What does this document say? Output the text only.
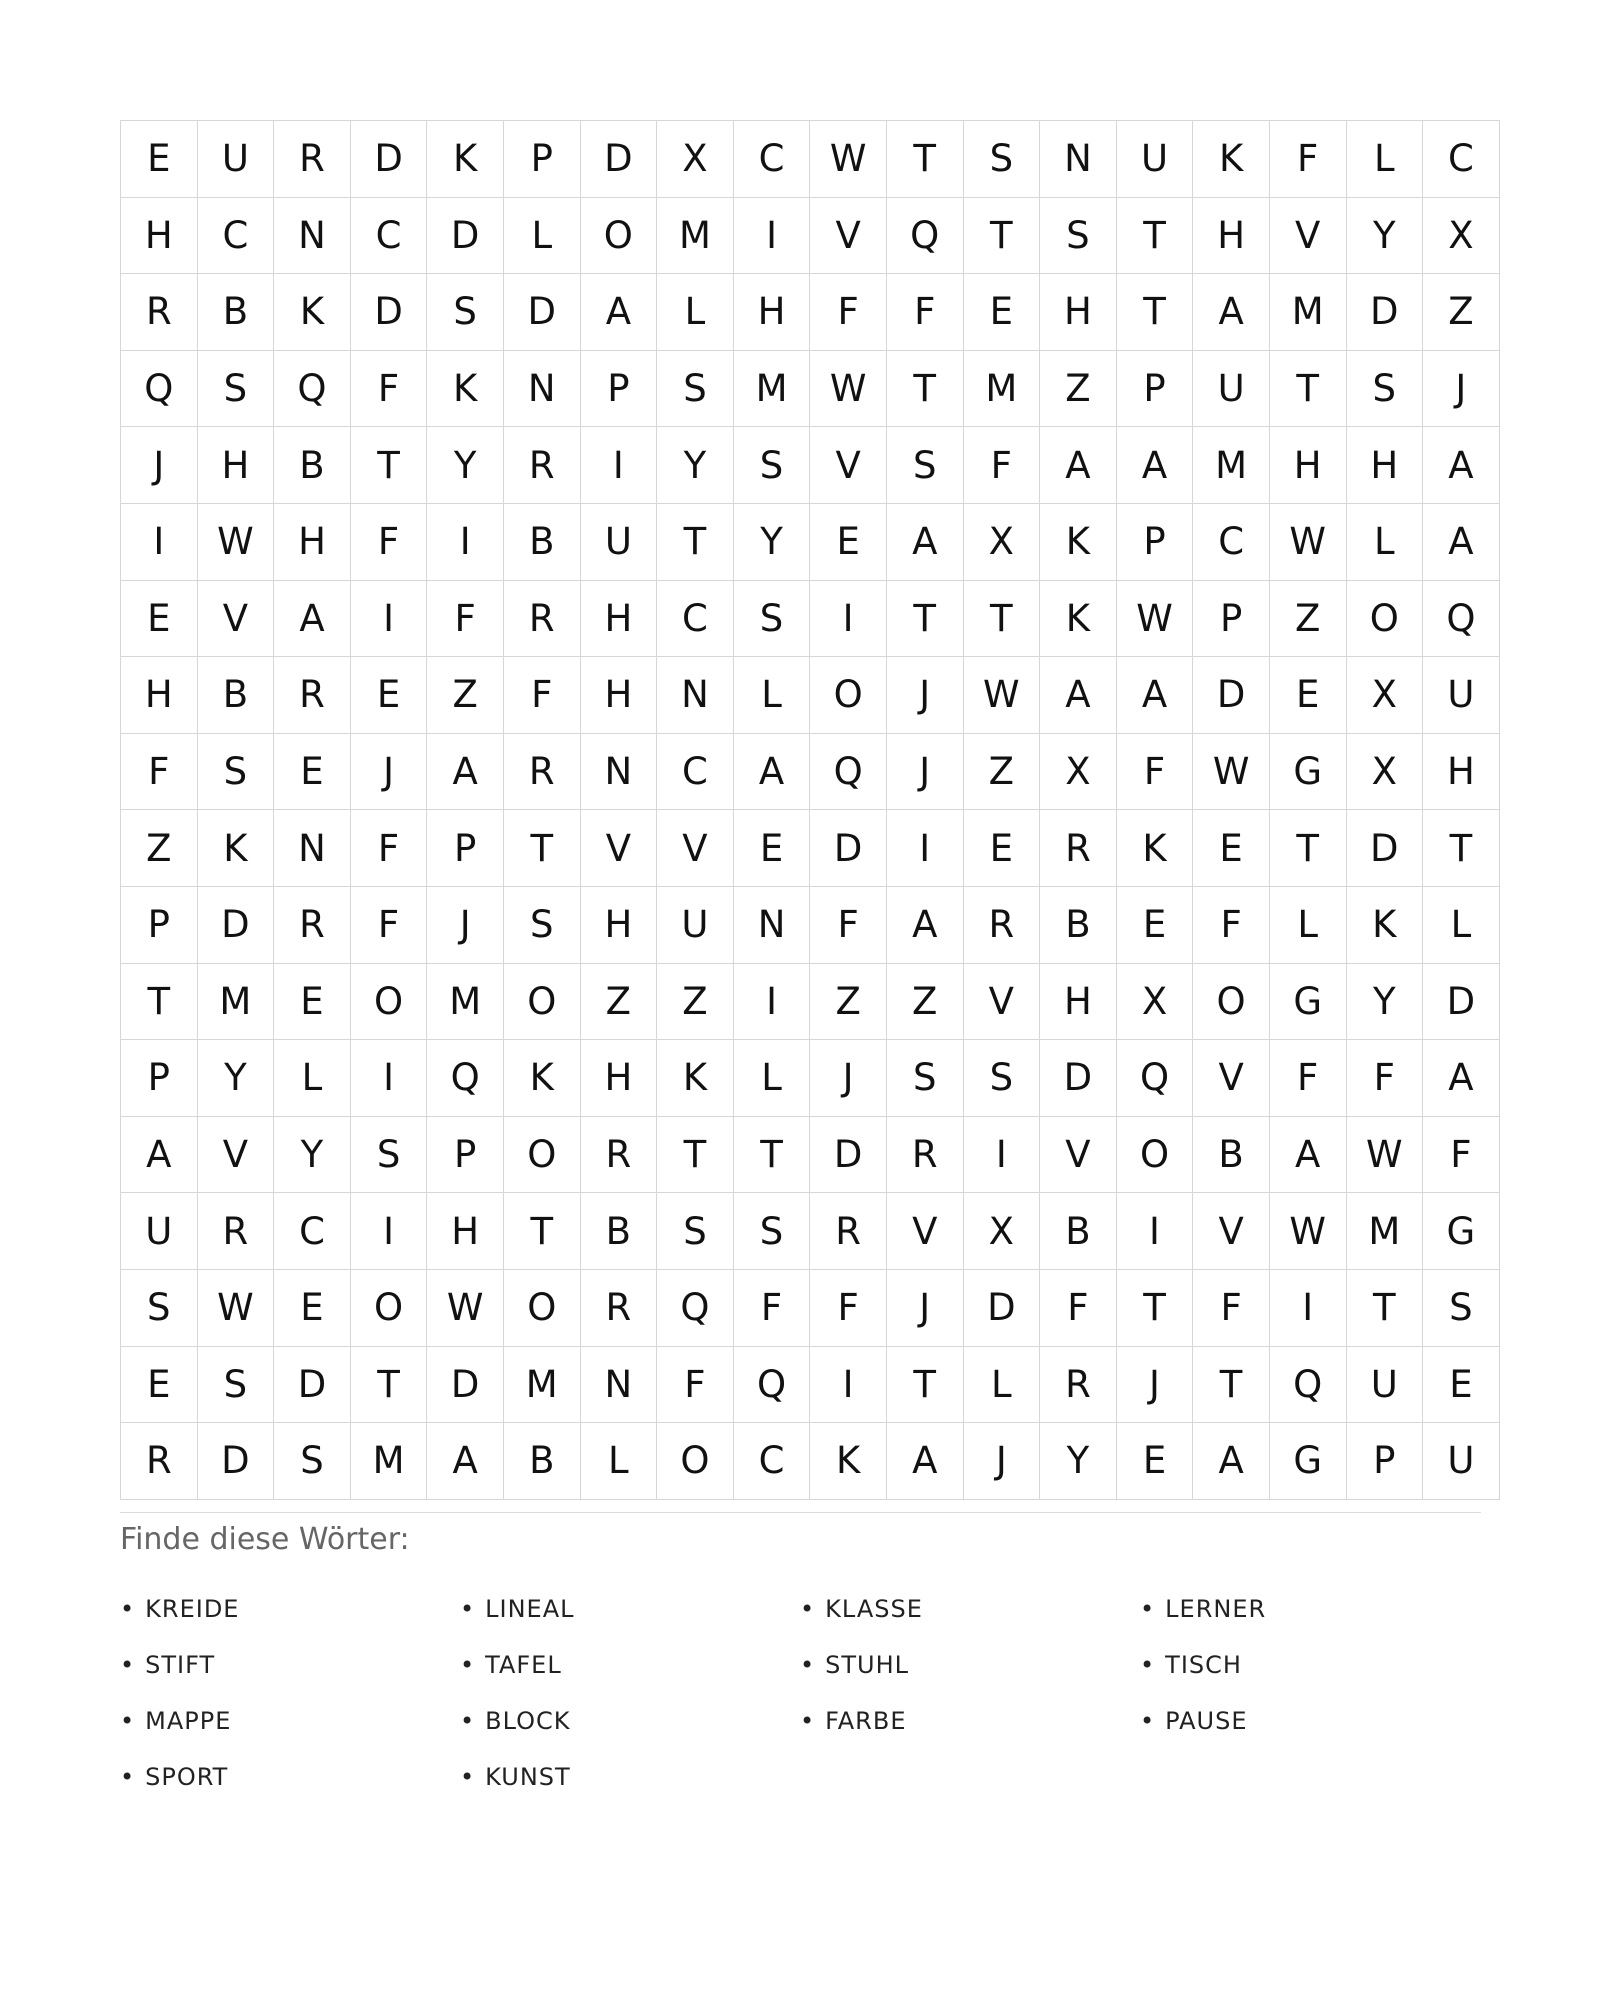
E	U	R	D	K	P	D	X	C	W	T	S	N	U	K	F	L	C
H	C	N	C	D	L	O	M	I	V	Q	T	S	T	H	V	Y	X
R	B	K	D	S	D	A	L	H	F	F	E	H	T	A	M	D	Z
Q	S	Q	F	K	N	P	S	M	W	T	M	Z	P	U	T	S	J
J	H	B	T	Y	R	I	Y	S	V	S	F	A	A	M	H	H	A
I	W	H	F	I	B	U	T	Y	E	A	X	K	P	C	W	L	A
E	V	A	I	F	R	H	C	S	I	T	T	K	W	P	Z	O	Q
H	B	R	E	Z	F	H	N	L	O	J	W	A	A	D	E	X	U
F	S	E	J	A	R	N	C	A	Q	J	Z	X	F	W	G	X	H
Z	K	N	F	P	T	V	V	E	D	I	E	R	K	E	T	D	T
P	D	R	F	J	S	H	U	N	F	A	R	B	E	F	L	K	L
T	M	E	O	M	O	Z	Z	I	Z	Z	V	H	X	O	G	Y	D
P	Y	L	I	Q	K	H	K	L	J	S	S	D	Q	V	F	F	A
A	V	Y	S	P	O	R	T	T	D	R	I	V	O	B	A	W	F
U	R	C	I	H	T	B	S	S	R	V	X	B	I	V	W	M	G
S	W	E	O	W	O	R	Q	F	F	J	D	F	T	F	I	T	S
E	S	D	T	D	M	N	F	Q	I	T	L	R	J	T	Q	U	E
R	D	S	M	A	B	L	O	C	K	A	J	Y	E	A	G	P	U
Finde diese Wörter:
• KREIDE	• LINEAL	• KLASSE	• LERNER
• STIFT	• TAFEL	• STUHL	• TISCH
• MAPPE	• BLOCK	• FARBE	• PAUSE
• SPORT	• KUNST
